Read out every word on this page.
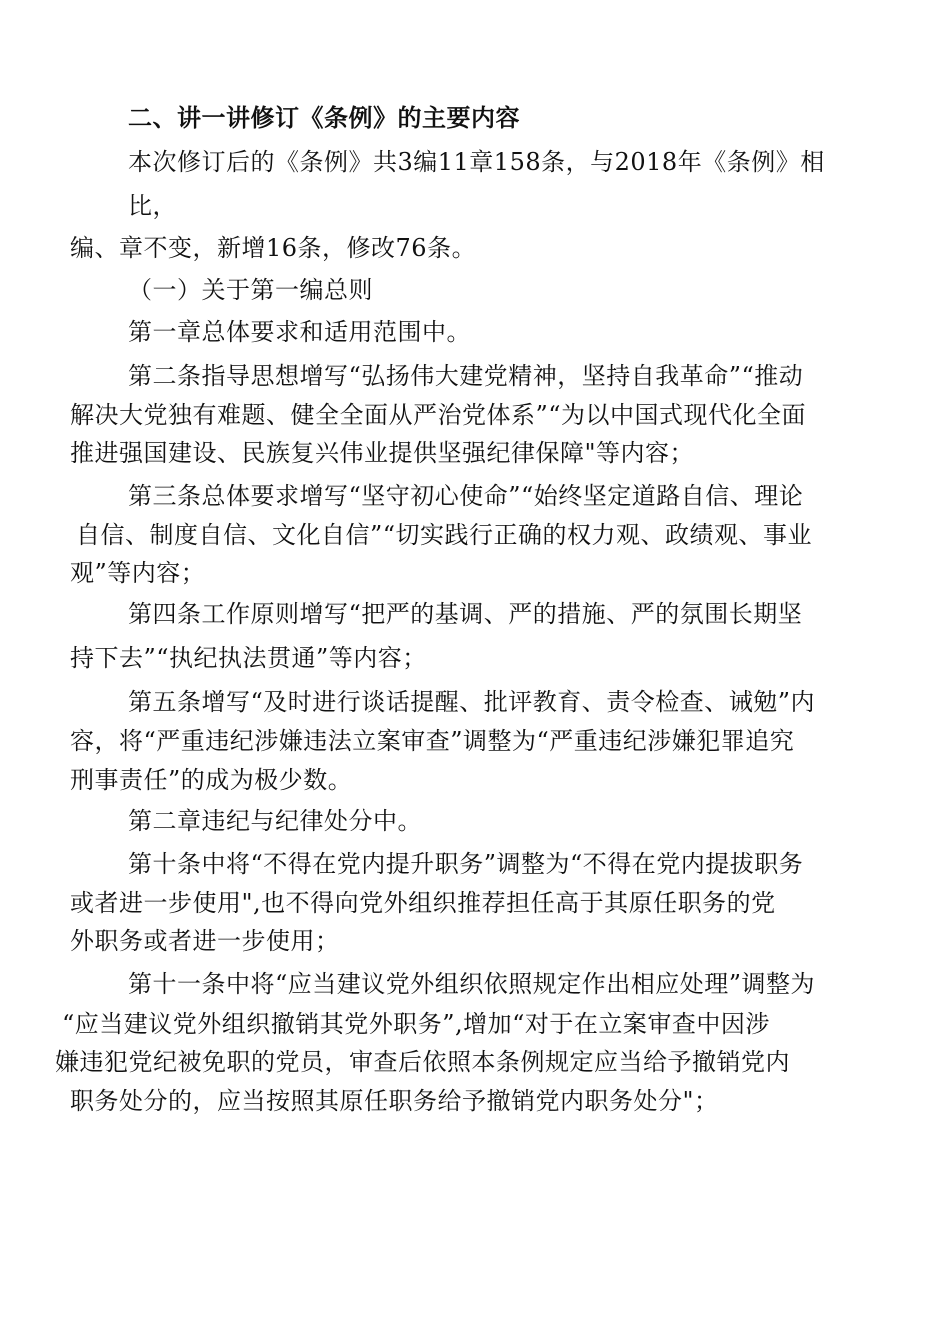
二、讲一讲修订《条例》的主要内容
本次修订后的《条例》共3编11章158条，与2018年《条例》相
比，
编、章不变，新增16条，修改76条。
（一）关于第一编总则
第一章总体要求和适用范围中。
第二条指导思想增写“弘扬伟大建党精神，坚持自我革命”“推动
解决大党独有难题、健全全面从严治党体系”“为以中国式现代化全面
推进强国建设、民族复兴伟业提供坚强纪律保障"等内容；
第三条总体要求增写“坚守初心使命”“始终坚定道路自信、理论
自信、制度自信、文化自信”“切实践行正确的权力观、政绩观、事业
观”等内容；
第四条工作原则增写“把严的基调、严的措施、严的氛围长期坚
持下去”“执纪执法贯通”等内容；
第五条增写“及时进行谈话提醒、批评教育、责令检查、诫勉”内
容，将“严重违纪涉嫌违法立案审查”调整为“严重违纪涉嫌犯罪追究
刑事责任”的成为极少数。
第二章违纪与纪律处分中。
第十条中将“不得在党内提升职务”调整为“不得在党内提拔职务
或者进一步使用",也不得向党外组织推荐担任高于其原任职务的党
外职务或者进一步使用；
第十一条中将“应当建议党外组织依照规定作出相应处理”调整为
“应当建议党外组织撤销其党外职务”,增加“对于在立案审查中因涉
嫌违犯党纪被免职的党员，审查后依照本条例规定应当给予撤销党内
职务处分的，应当按照其原任职务给予撤销党内职务处分"；
